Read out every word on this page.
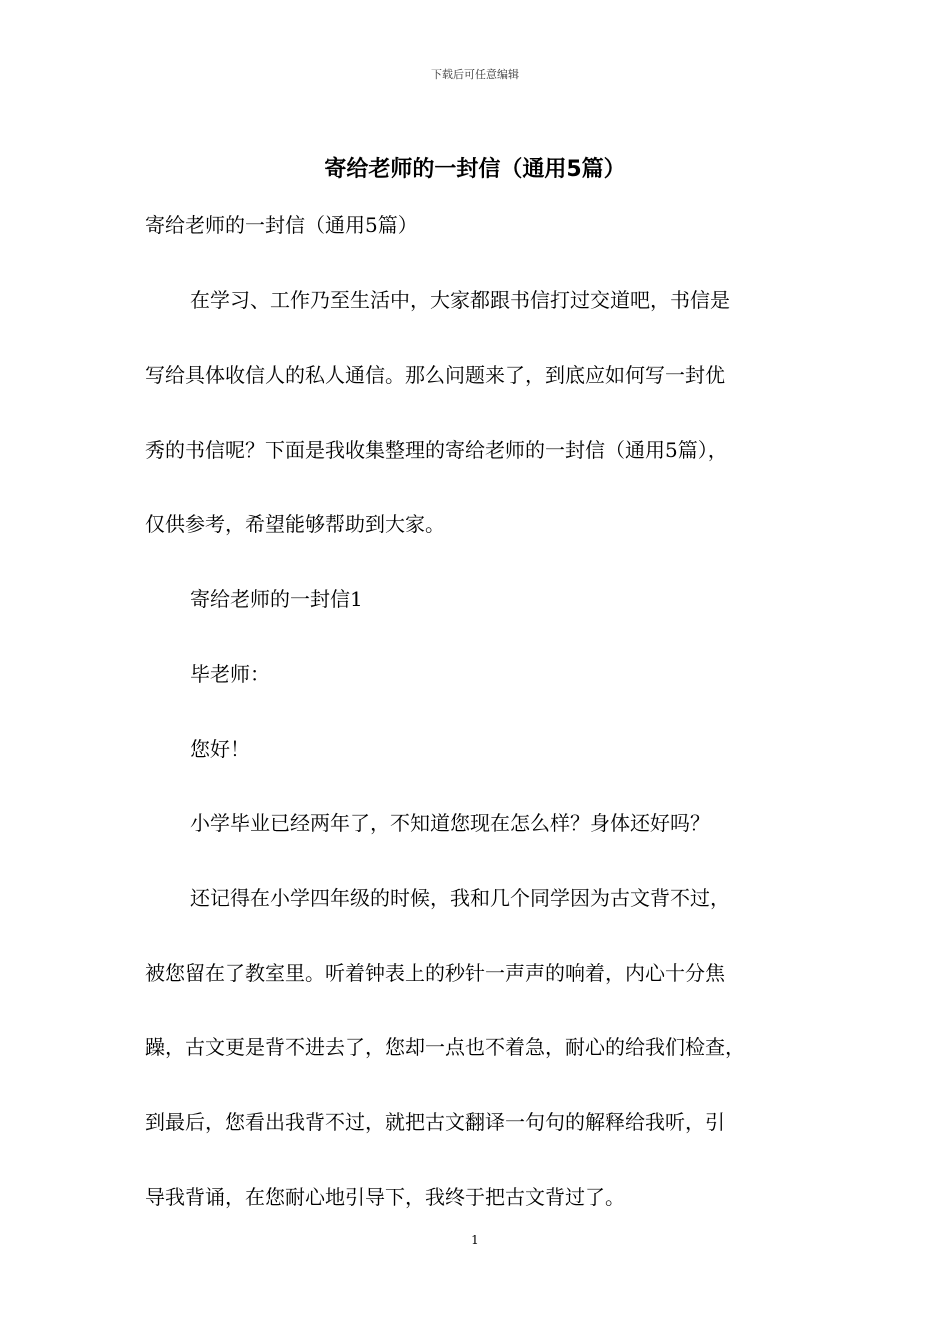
下载后可任意编辑
寄给老师的一封信（通用5篇）
寄给老师的一封信（通用5篇）
在学习、工作乃至生活中，大家都跟书信打过交道吧，书信是
写给具体收信人的私人通信。那么问题来了，到底应如何写一封优
秀的书信呢？下面是我收集整理的寄给老师的一封信（通用5篇），
仅供参考，希望能够帮助到大家。
寄给老师的一封信1
毕老师：
您好！
小学毕业已经两年了，不知道您现在怎么样？身体还好吗？
还记得在小学四年级的时候，我和几个同学因为古文背不过，
被您留在了教室里。听着钟表上的秒针一声声的响着，内心十分焦
躁，古文更是背不进去了，您却一点也不着急，耐心的给我们检查，
到最后，您看出我背不过，就把古文翻译一句句的解释给我听，引
导我背诵，在您耐心地引导下，我终于把古文背过了。
1
